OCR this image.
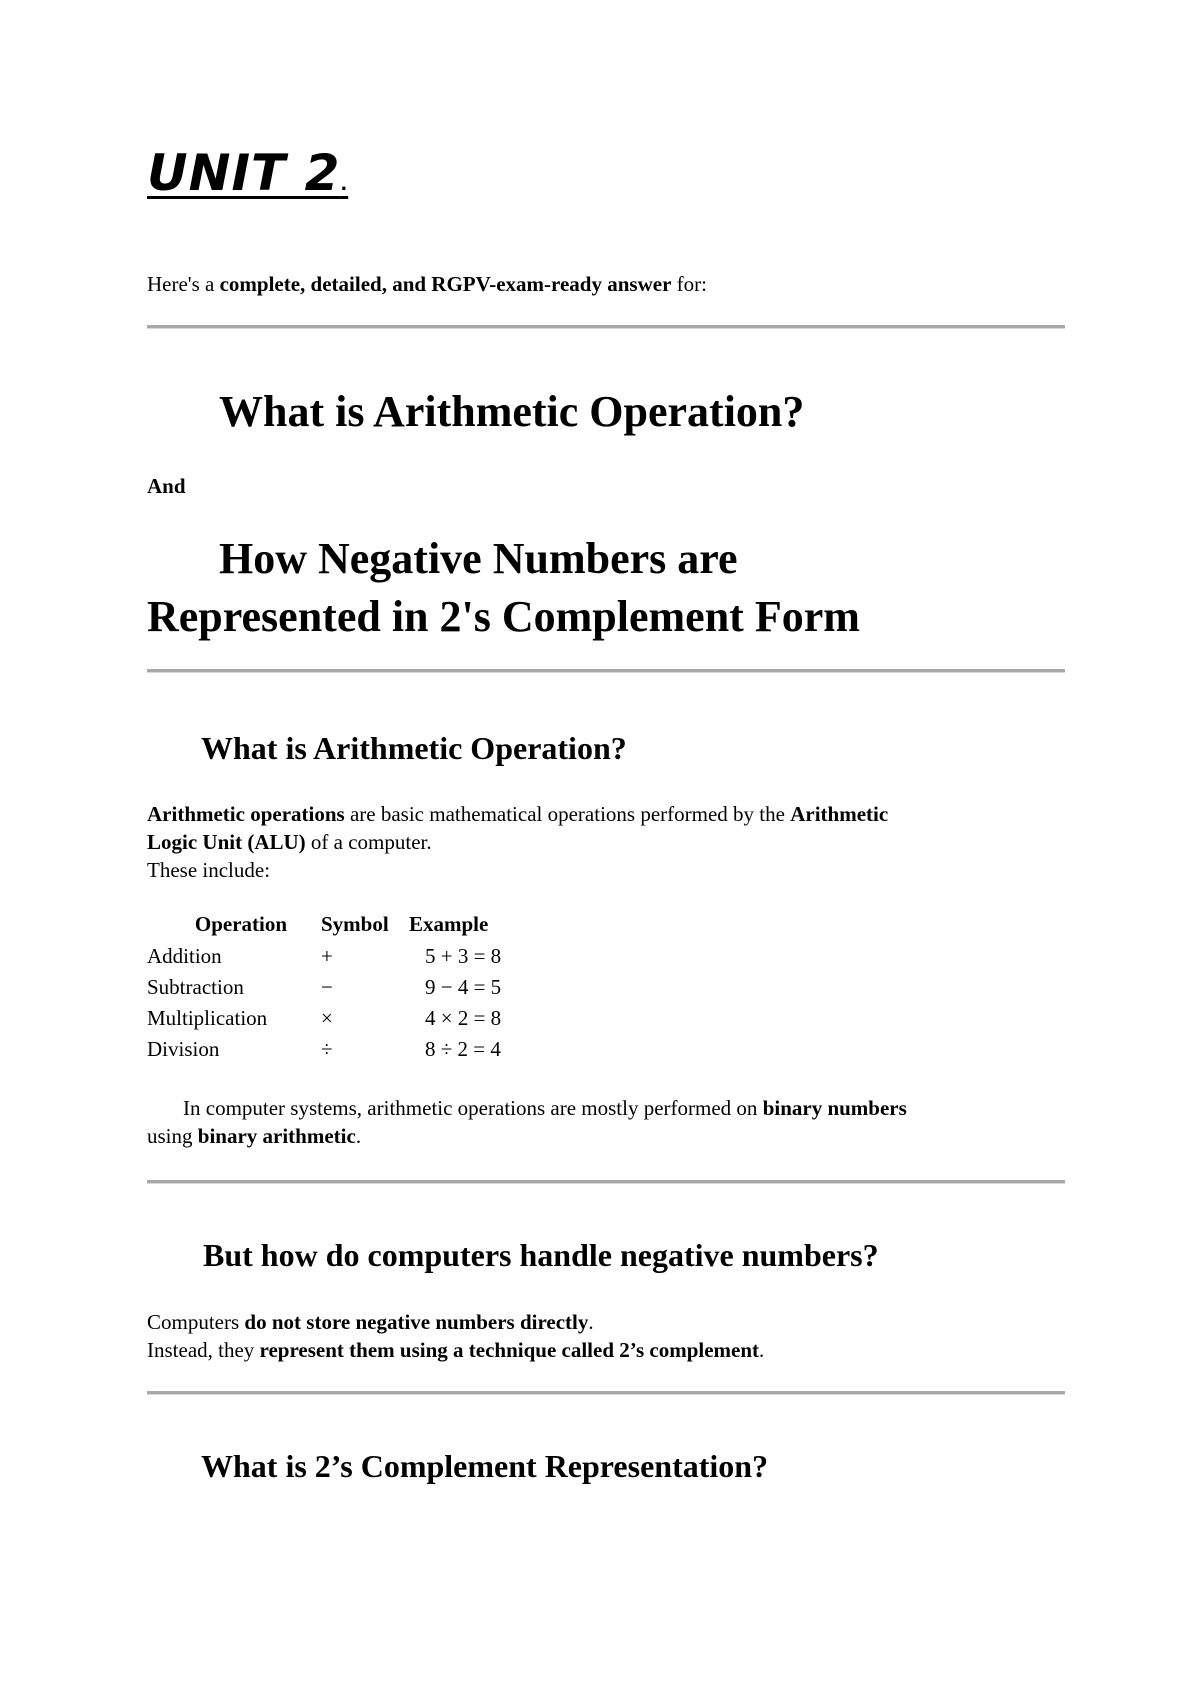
UNIT 2.

Here's a complete, detailed, and RGPV-exam-ready answer for:

What is Arithmetic Operation?

And

How Negative Numbers are
Represented in 2's Complement Form
What is Arithmetic Operation?

Arithmetic operations are basic mathematical operations performed by the Arithmetic
Logic Unit (ALU) of a computer.
These include:

Operation	Symbol	Example
Addition	+	5 + 3 = 8
Subtraction	−	9 − 4 = 5
Multiplication	×	4 × 2 = 8
Division	÷	8 ÷ 2 = 4

In computer systems, arithmetic operations are mostly performed on binary numbers
using binary arithmetic.

But how do computers handle negative numbers?

Computers do not store negative numbers directly.
Instead, they represent them using a technique called 2’s complement.

What is 2’s Complement Representation?
